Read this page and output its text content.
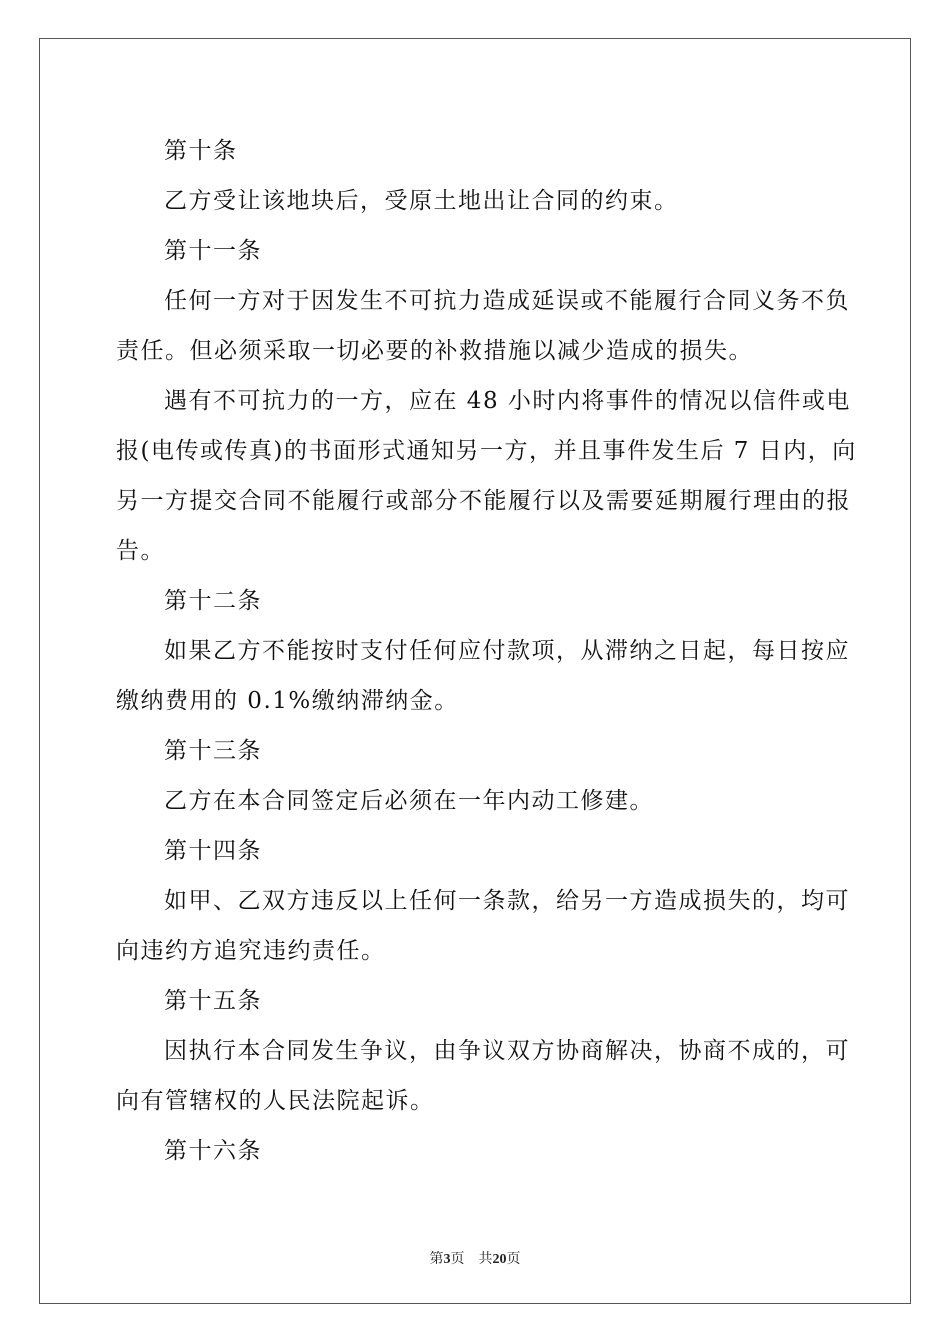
第十条
乙方受让该地块后，受原土地出让合同的约束。
第十一条
任何一方对于因发生不可抗力造成延误或不能履行合同义务不负
责任。但必须采取一切必要的补救措施以减少造成的损失。
遇有不可抗力的一方，应在 48 小时内将事件的情况以信件或电
报(电传或传真)的书面形式通知另一方，并且事件发生后 7 日内，向
另一方提交合同不能履行或部分不能履行以及需要延期履行理由的报
告。
第十二条
如果乙方不能按时支付任何应付款项，从滞纳之日起，每日按应
缴纳费用的 0.1%缴纳滞纳金。
第十三条
乙方在本合同签定后必须在一年内动工修建。
第十四条
如甲、乙双方违反以上任何一条款，给另一方造成损失的，均可
向违约方追究违约责任。
第十五条
因执行本合同发生争议，由争议双方协商解决，协商不成的，可
向有管辖权的人民法院起诉。
第十六条
第3页 共20页
